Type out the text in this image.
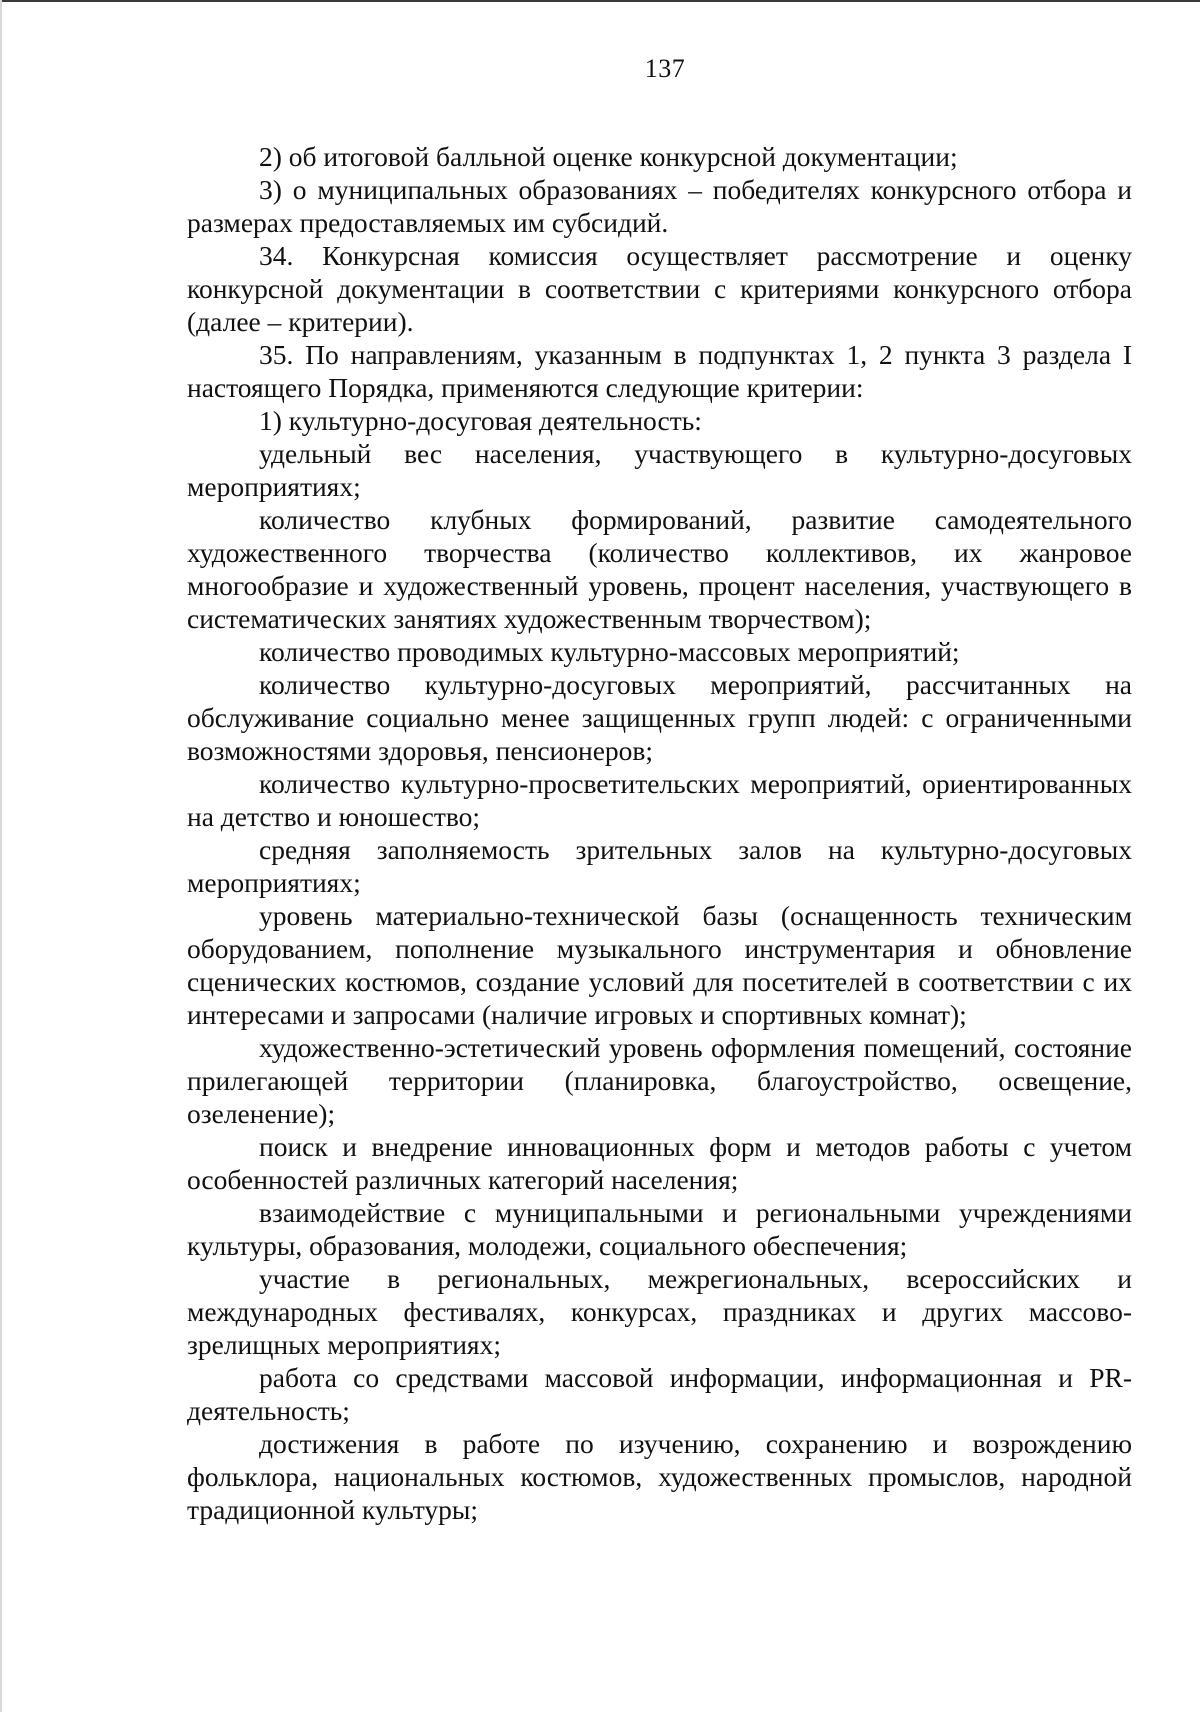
137

2) об итоговой балльной оценке конкурсной документации;

3) о муниципальных образованиях – победителях конкурсного отбора и размерах предоставляемых им субсидий.

34. Конкурсная комиссия осуществляет рассмотрение и оценку конкурсной документации в соответствии с критериями конкурсного отбора (далее – критерии).

35. По направлениям, указанным в подпунктах 1, 2 пункта 3 раздела I настоящего Порядка, применяются следующие критерии:

1) культурно-досуговая деятельность:

удельный вес населения, участвующего в культурно-досуговых мероприятиях;

количество клубных формирований, развитие самодеятельного художественного творчества (количество коллективов, их жанровое многообразие и художественный уровень, процент населения, участвующего в систематических занятиях художественным творчеством);

количество проводимых культурно-массовых мероприятий;

количество культурно-досуговых мероприятий, рассчитанных на обслуживание социально менее защищенных групп людей: с ограниченными возможностями здоровья, пенсионеров;

количество культурно-просветительских мероприятий, ориентированных на детство и юношество;

средняя заполняемость зрительных залов на культурно-досуговых мероприятиях;

уровень материально-технической базы (оснащенность техническим оборудованием, пополнение музыкального инструментария и обновление сценических костюмов, создание условий для посетителей в соответствии с их интересами и запросами (наличие игровых и спортивных комнат);

художественно-эстетический уровень оформления помещений, состояние прилегающей территории (планировка, благоустройство, освещение, озеленение);

поиск и внедрение инновационных форм и методов работы с учетом особенностей различных категорий населения;

взаимодействие с муниципальными и региональными учреждениями культуры, образования, молодежи, социального обеспечения;

участие в региональных, межрегиональных, всероссийских и международных фестивалях, конкурсах, праздниках и других массово-зрелищных мероприятиях;

работа со средствами массовой информации, информационная и PR-деятельность;

достижения в работе по изучению, сохранению и возрождению фольклора, национальных костюмов, художественных промыслов, народной традиционной культуры;
